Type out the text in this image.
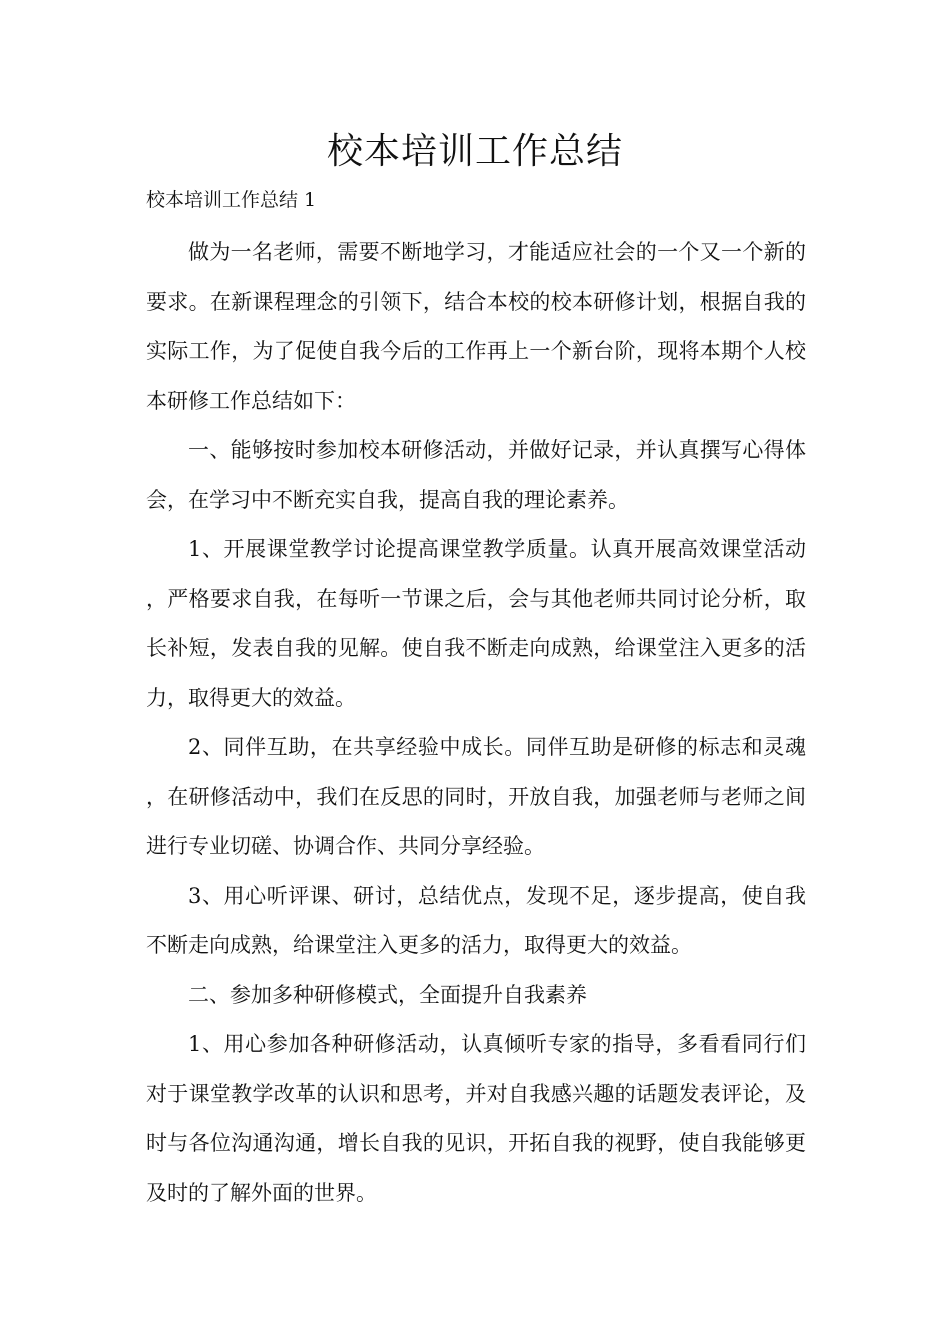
校本培训工作总结
校本培训工作总结 1

做为一名老师，需要不断地学习，才能适应社会的一个又一个新的要求。在新课程理念的引领下，结合本校的校本研修计划，根据自我的实际工作，为了促使自我今后的工作再上一个新台阶，现将本期个人校本研修工作总结如下：

一、能够按时参加校本研修活动，并做好记录，并认真撰写心得体会，在学习中不断充实自我，提高自我的理论素养。

1、开展课堂教学讨论提高课堂教学质量。认真开展高效课堂活动，严格要求自我，在每听一节课之后，会与其他老师共同讨论分析，取长补短，发表自我的见解。使自我不断走向成熟，给课堂注入更多的活力，取得更大的效益。

2、同伴互助，在共享经验中成长。同伴互助是研修的标志和灵魂，在研修活动中，我们在反思的同时，开放自我，加强老师与老师之间进行专业切磋、协调合作、共同分享经验。

3、用心听评课、研讨，总结优点，发现不足，逐步提高，使自我不断走向成熟，给课堂注入更多的活力，取得更大的效益。

二、参加多种研修模式，全面提升自我素养

1、用心参加各种研修活动，认真倾听专家的指导，多看看同行们对于课堂教学改革的认识和思考，并对自我感兴趣的话题发表评论，及时与各位沟通沟通，增长自我的见识，开拓自我的视野，使自我能够更及时的了解外面的世界。
